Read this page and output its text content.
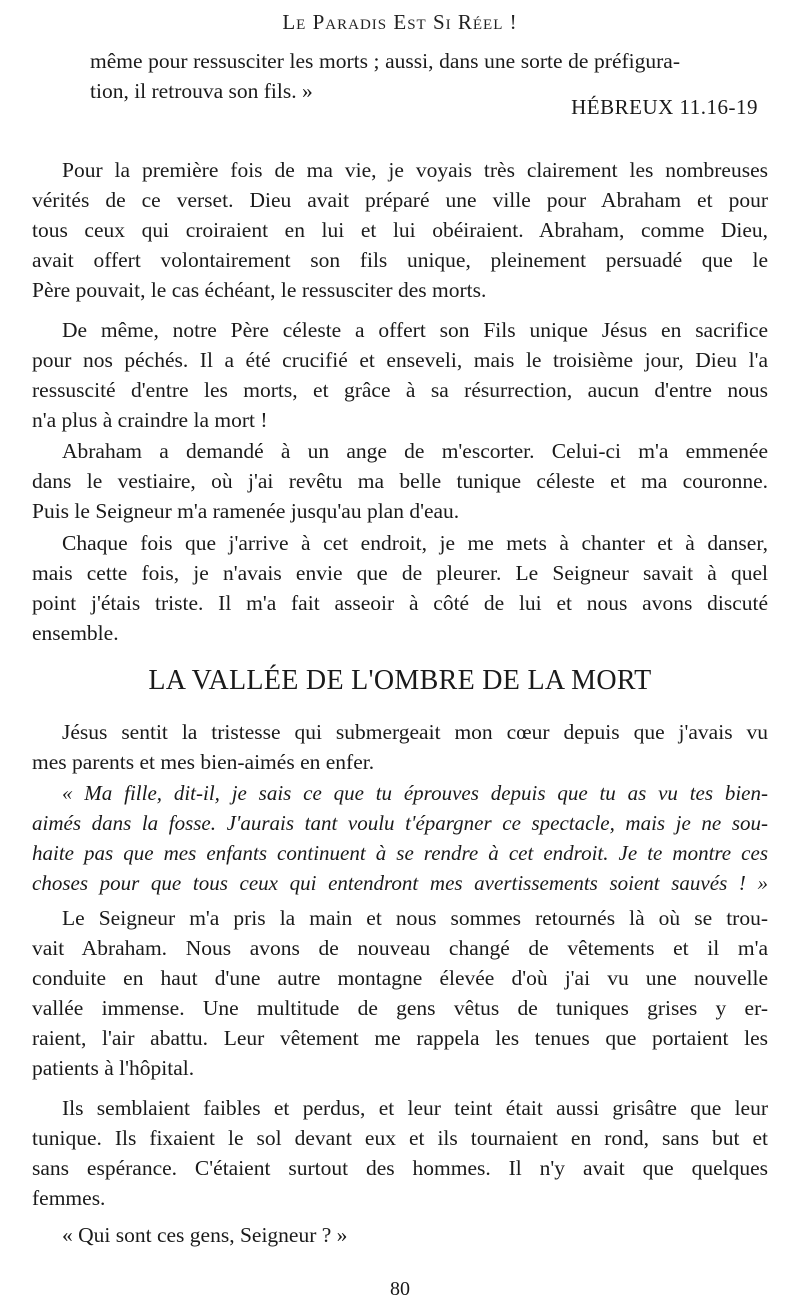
Le Paradis Est Si Réel !
même pour ressusciter les morts ; aussi, dans une sorte de préfigura-
tion, il retrouva son fils. »
HÉBREUX 11.16-19
Pour la première fois de ma vie, je voyais très clairement les nombreuses
vérités de ce verset. Dieu avait préparé une ville pour Abraham et pour
tous ceux qui croiraient en lui et lui obéiraient. Abraham, comme Dieu,
avait offert volontairement son fils unique, pleinement persuadé que le
Père pouvait, le cas échéant, le ressusciter des morts.
De même, notre Père céleste a offert son Fils unique Jésus en sacrifice
pour nos péchés. Il a été crucifié et enseveli, mais le troisième jour, Dieu l'a
ressuscité d'entre les morts, et grâce à sa résurrection, aucun d'entre nous
n'a plus à craindre la mort !
Abraham a demandé à un ange de m'escorter. Celui-ci m'a emmenée
dans le vestiaire, où j'ai revêtu ma belle tunique céleste et ma couronne.
Puis le Seigneur m'a ramenée jusqu'au plan d'eau.
Chaque fois que j'arrive à cet endroit, je me mets à chanter et à danser,
mais cette fois, je n'avais envie que de pleurer. Le Seigneur savait à quel
point j'étais triste. Il m'a fait asseoir à côté de lui et nous avons discuté
ensemble.
LA VALLÉE DE L'OMBRE DE LA MORT
Jésus sentit la tristesse qui submergeait mon cœur depuis que j'avais vu
mes parents et mes bien-aimés en enfer.
« Ma fille, dit-il, je sais ce que tu éprouves depuis que tu as vu tes bien-
aimés dans la fosse. J'aurais tant voulu t'épargner ce spectacle, mais je ne sou-
haite pas que mes enfants continuent à se rendre à cet endroit. Je te montre ces
choses pour que tous ceux qui entendront mes avertissements soient sauvés ! »
Le Seigneur m'a pris la main et nous sommes retournés là où se trou-
vait Abraham. Nous avons de nouveau changé de vêtements et il m'a
conduite en haut d'une autre montagne élevée d'où j'ai vu une nouvelle
vallée immense. Une multitude de gens vêtus de tuniques grises y er-
raient, l'air abattu. Leur vêtement me rappela les tenues que portaient les
patients à l'hôpital.
Ils semblaient faibles et perdus, et leur teint était aussi grisâtre que leur
tunique. Ils fixaient le sol devant eux et ils tournaient en rond, sans but et
sans espérance. C'étaient surtout des hommes. Il n'y avait que quelques
femmes.
« Qui sont ces gens, Seigneur ? »
80
